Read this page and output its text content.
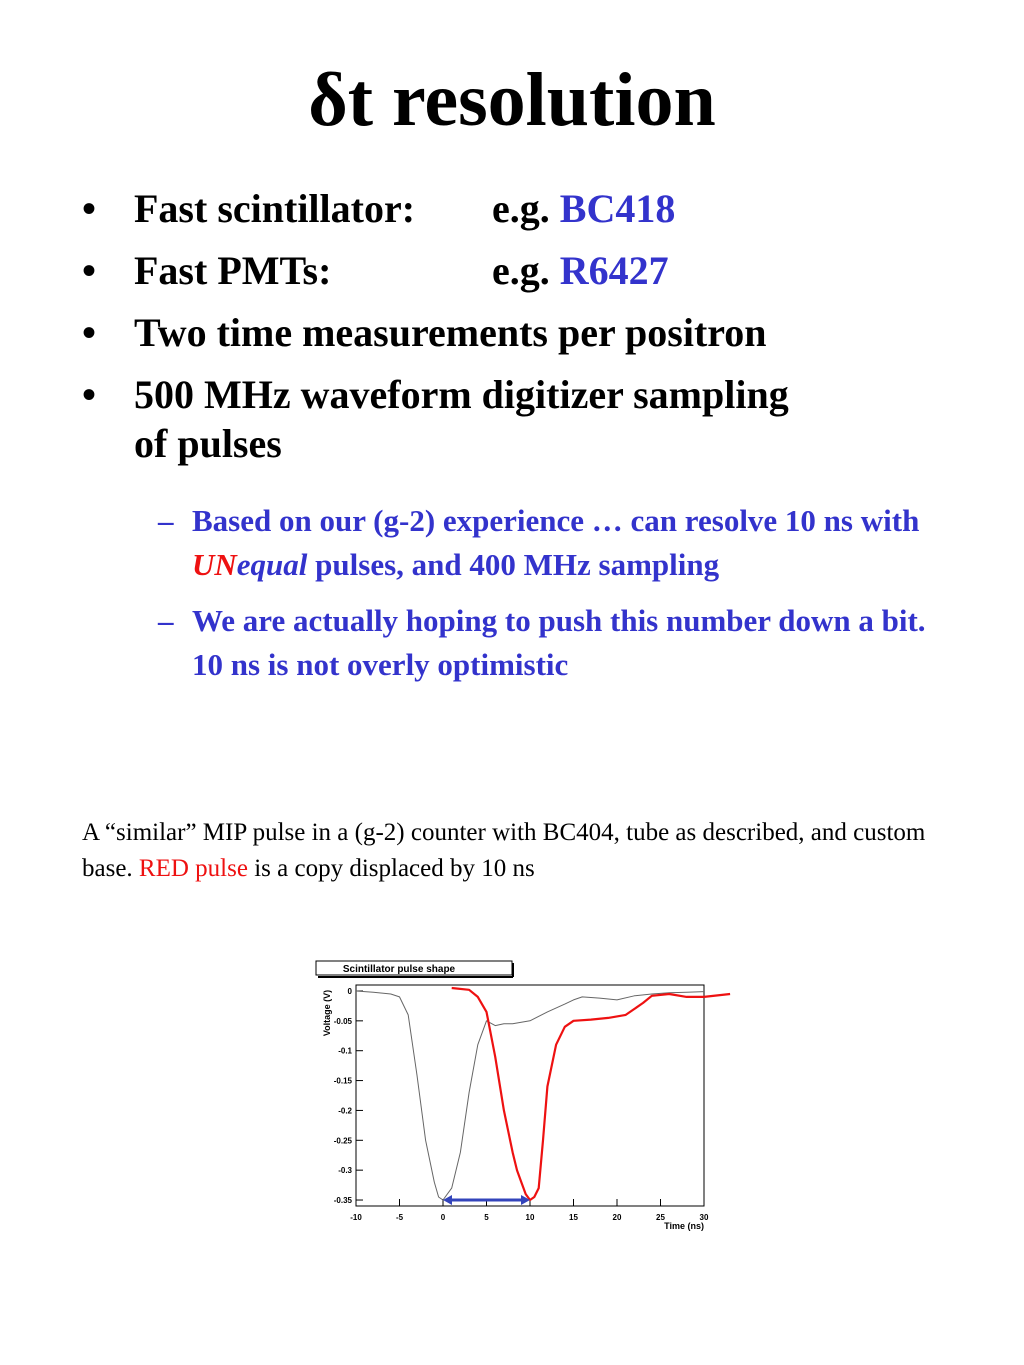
δt resolution
• Fast scintillator: e.g. BC418
• Fast PMTs:	e.g. R6427
• Two time measurements per positron
• 500 MHz waveform digitizer sampling
of pulses
– Based on our (g-2) experience … can resolve 10 ns with UNequal pulses, and 400 MHz sampling
– We are actually hoping to push this number down a bit. 10 ns is not overly optimistic
A “similar” MIP pulse in a (g-2) counter with BC404, tube as described, and custom base. RED pulse is a copy displaced by 10 ns
Scintillator pulse shape
Voltage (V)
Time (ns)
0
-0.05
-0.1
-0.15
-0.2
-0.25
-0.3
-0.35
-10	-5	0	5	10	15	20	25	30
